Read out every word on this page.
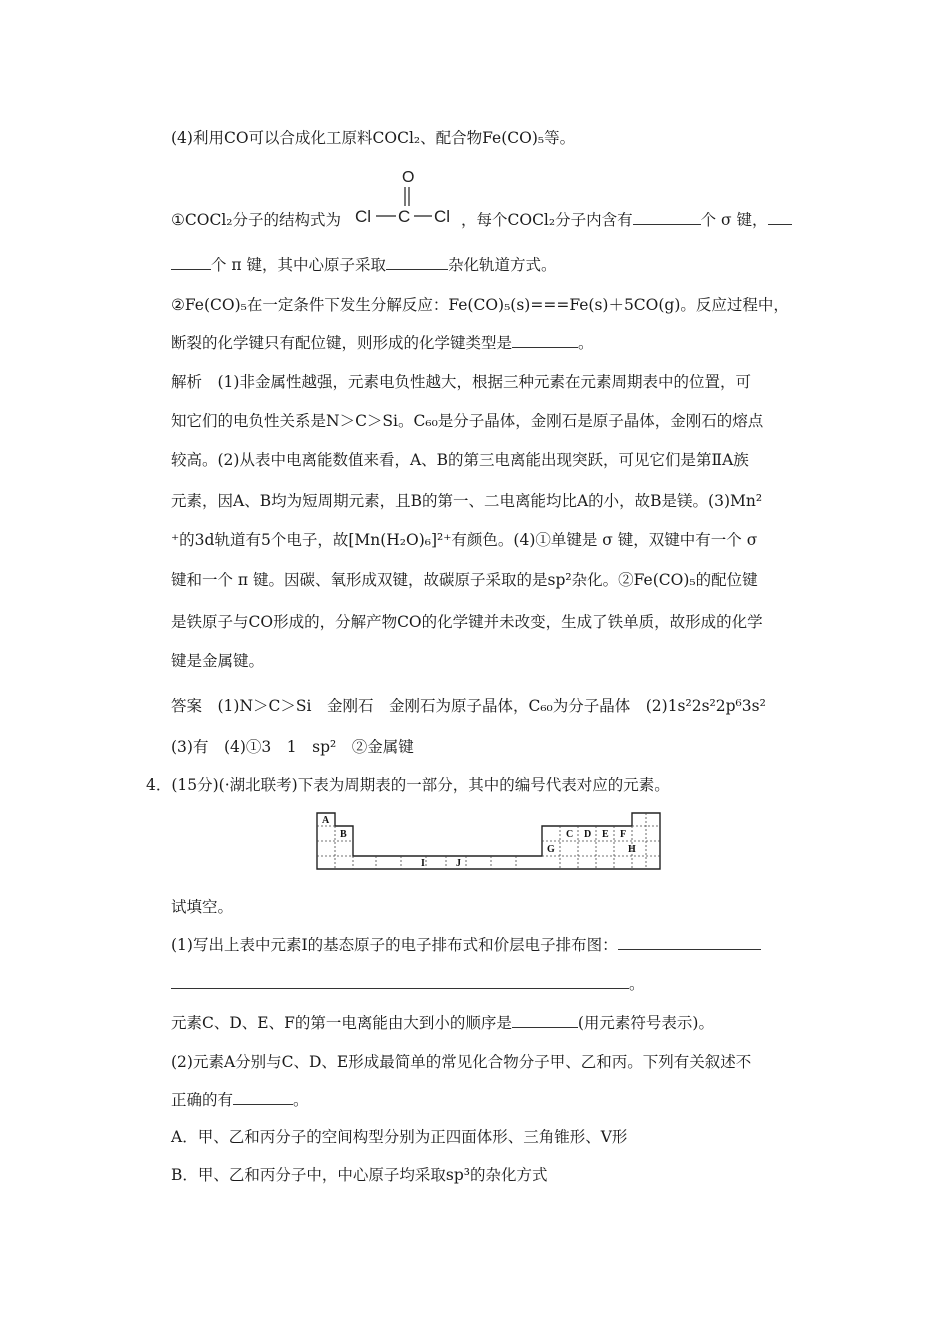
(4)利用CO可以合成化工原料COCl₂、配合物Fe(CO)₅等。
O
Cl C Cl
①COCl₂分子的结构式为	，每个COCl₂分子内含有	个 σ 键，
个 π 键，其中心原子采取	杂化轨道方式。
②Fe(CO)₅在一定条件下发生分解反应：Fe(CO)₅(s)===Fe(s)＋5CO(g)。反应过程中，
断裂的化学键只有配位键，则形成的化学键类型是	。
解析　(1)非金属性越强，元素电负性越大，根据三种元素在元素周期表中的位置，可
知它们的电负性关系是N＞C＞Si。C₆₀是分子晶体，金刚石是原子晶体，金刚石的熔点
较高。(2)从表中电离能数值来看，A、B的第三电离能出现突跃，可见它们是第ⅡA族
元素，因A、B均为短周期元素，且B的第一、二电离能均比A的小，故B是镁。(3)Mn²
⁺的3d轨道有5个电子，故[Mn(H₂O)₆]²⁺有颜色。(4)①单键是 σ 键，双键中有一个 σ
键和一个 π 键。因碳、氧形成双键，故碳原子采取的是sp²杂化。②Fe(CO)₅的配位键
是铁原子与CO形成的，分解产物CO的化学键并未改变，生成了铁单质，故形成的化学
键是金属键。
答案　(1)N＞C＞Si　金刚石　金刚石为原子晶体，C₆₀为分子晶体　(2)1s²2s²2p⁶3s²
(3)有　(4)①3　1　sp²　②金属键
4．(15分)(·湖北联考)下表为周期表的一部分，其中的编号代表对应的元素。
A
B	C D E F
G	H
I	J
试填空。
(1)写出上表中元素Ⅰ的基态原子的电子排布式和价层电子排布图：
。
元素C、D、E、F的第一电离能由大到小的顺序是	(用元素符号表示)。
(2)元素A分别与C、D、E形成最简单的常见化合物分子甲、乙和丙。下列有关叙述不
正确的有	。
A．甲、乙和丙分子的空间构型分别为正四面体形、三角锥形、V形
B．甲、乙和丙分子中，中心原子均采取sp³的杂化方式
